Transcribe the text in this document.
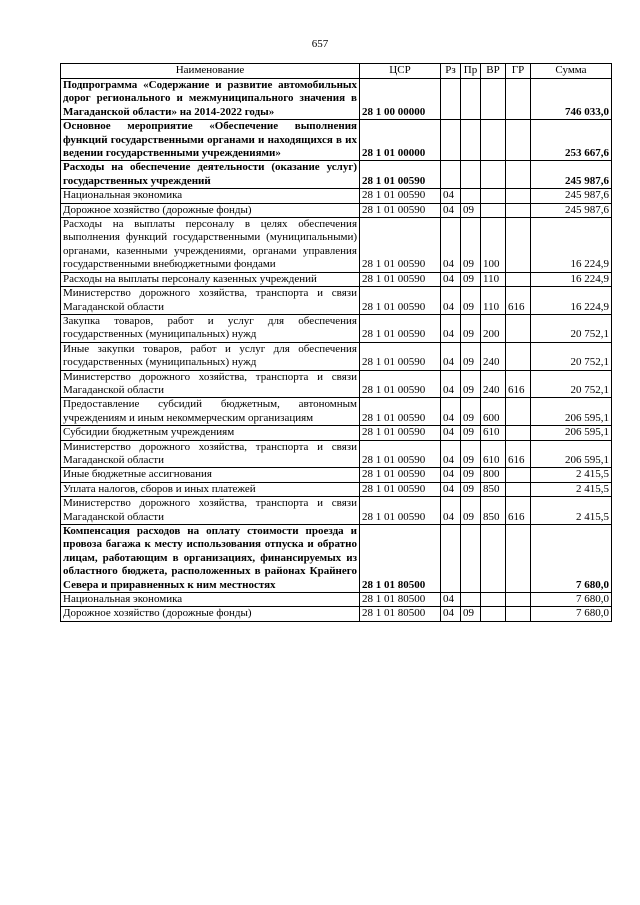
657
Наименование	ЦСР	Рз	Пр	ВР	ГР	Сумма
Подпрограмма «Содержание и развитие автомобильных дорог регионального и межмуниципального значения в Магаданской области» на 2014-2022 годы»	28 1 00 00000					746 033,0
Основное мероприятие «Обеспечение выполнения функций государственными органами и находящихся в их ведении государственными учреждениями»	28 1 01 00000					253 667,6
Расходы на обеспечение деятельности (оказание услуг) государственных учреждений	28 1 01 00590					245 987,6
Национальная экономика	28 1 01 00590	04				245 987,6
Дорожное хозяйство (дорожные фонды)	28 1 01 00590	04	09			245 987,6
Расходы на выплаты персоналу в целях обеспечения выполнения функций государственными (муниципальными) органами, казенными учреждениями, органами управления государственными внебюджетными фондами	28 1 01 00590	04	09	100		16 224,9
Расходы на выплаты персоналу казенных учреждений	28 1 01 00590	04	09	110		16 224,9
Министерство дорожного хозяйства, транспорта и связи Магаданской области	28 1 01 00590	04	09	110	616	16 224,9
Закупка товаров, работ и услуг для обеспечения государственных (муниципальных) нужд	28 1 01 00590	04	09	200		20 752,1
Иные закупки товаров, работ и услуг для обеспечения государственных (муниципальных) нужд	28 1 01 00590	04	09	240		20 752,1
Министерство дорожного хозяйства, транспорта и связи Магаданской области	28 1 01 00590	04	09	240	616	20 752,1
Предоставление субсидий бюджетным, автономным учреждениям и иным некоммерческим организациям	28 1 01 00590	04	09	600		206 595,1
Субсидии бюджетным учреждениям	28 1 01 00590	04	09	610		206 595,1
Министерство дорожного хозяйства, транспорта и связи Магаданской области	28 1 01 00590	04	09	610	616	206 595,1
Иные бюджетные ассигнования	28 1 01 00590	04	09	800		2 415,5
Уплата налогов, сборов и иных платежей	28 1 01 00590	04	09	850		2 415,5
Министерство дорожного хозяйства, транспорта и связи Магаданской области	28 1 01 00590	04	09	850	616	2 415,5
Компенсация расходов на оплату стоимости проезда и провоза багажа к месту использования отпуска и обратно лицам, работающим в организациях, финансируемых из областного бюджета, расположенных в районах Крайнего Севера и приравненных к ним местностях	28 1 01 80500					7 680,0
Национальная экономика	28 1 01 80500	04				7 680,0
Дорожное хозяйство (дорожные фонды)	28 1 01 80500	04	09			7 680,0
